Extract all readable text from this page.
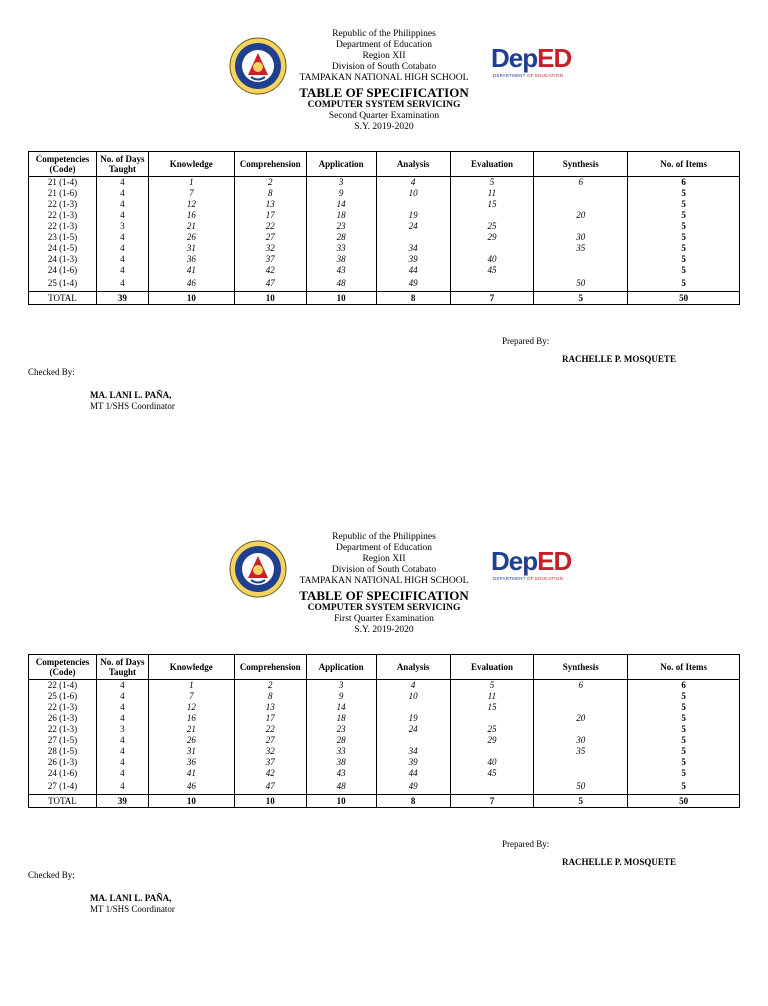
DepED
DEPARTMENT OF EDUCATION
Republic of the Philippines
Department of Education
Region XII
Division of South Cotabato
TAMPAKAN NATIONAL HIGH SCHOOL
TABLE OF SPECIFICATION
COMPUTER SYSTEM SERVICING
Second Quarter Examination
S.Y. 2019-2020
Competencies (Code)	No. of Days Taught	Knowledge	Comprehension	Application	Analysis	Evaluation	Synthesis	No. of Items
21 (1-4)	4	1	2	3	4	5	6	6
21 (1-6)	4	7	8	9	10	11		5
22 (1-3)	4	12	13	14		15		5
22 (1-3)	4	16	17	18	19		20	5
22 (1-3)	3	21	22	23	24	25		5
23 (1-5)	4	26	27	28		29	30	5
24 (1-5)	4	31	32	33	34		35	5
24 (1-3)	4	36	37	38	39	40		5
24 (1-6)	4	41	42	43	44	45		5
25 (1-4)	4	46	47	48	49		50	5
TOTAL	39	10	10	10	8	7	5	50
Prepared By:
RACHELLE P. MOSQUETE
Checked By:
MA. LANI L. PAÑA,
MT 1/SHS Coordinator
DepED
DEPARTMENT OF EDUCATION
Republic of the Philippines
Department of Education
Region XII
Division of South Cotabato
TAMPAKAN NATIONAL HIGH SCHOOL
TABLE OF SPECIFICATION
COMPUTER SYSTEM SERVICING
First Quarter Examination
S.Y. 2019-2020
Competencies (Code)	No. of Days Taught	Knowledge	Comprehension	Application	Analysis	Evaluation	Synthesis	No. of Items
22 (1-4)	4	1	2	3	4	5	6	6
25 (1-6)	4	7	8	9	10	11		5
22 (1-3)	4	12	13	14		15		5
26 (1-3)	4	16	17	18	19		20	5
22 (1-3)	3	21	22	23	24	25		5
27 (1-5)	4	26	27	28		29	30	5
28 (1-5)	4	31	32	33	34		35	5
26 (1-3)	4	36	37	38	39	40		5
24 (1-6)	4	41	42	43	44	45		5
27 (1-4)	4	46	47	48	49		50	5
TOTAL	39	10	10	10	8	7	5	50
Prepared By:
RACHELLE P. MOSQUETE
Checked By:
MA. LANI L. PAÑA,
MT 1/SHS Coordinator
